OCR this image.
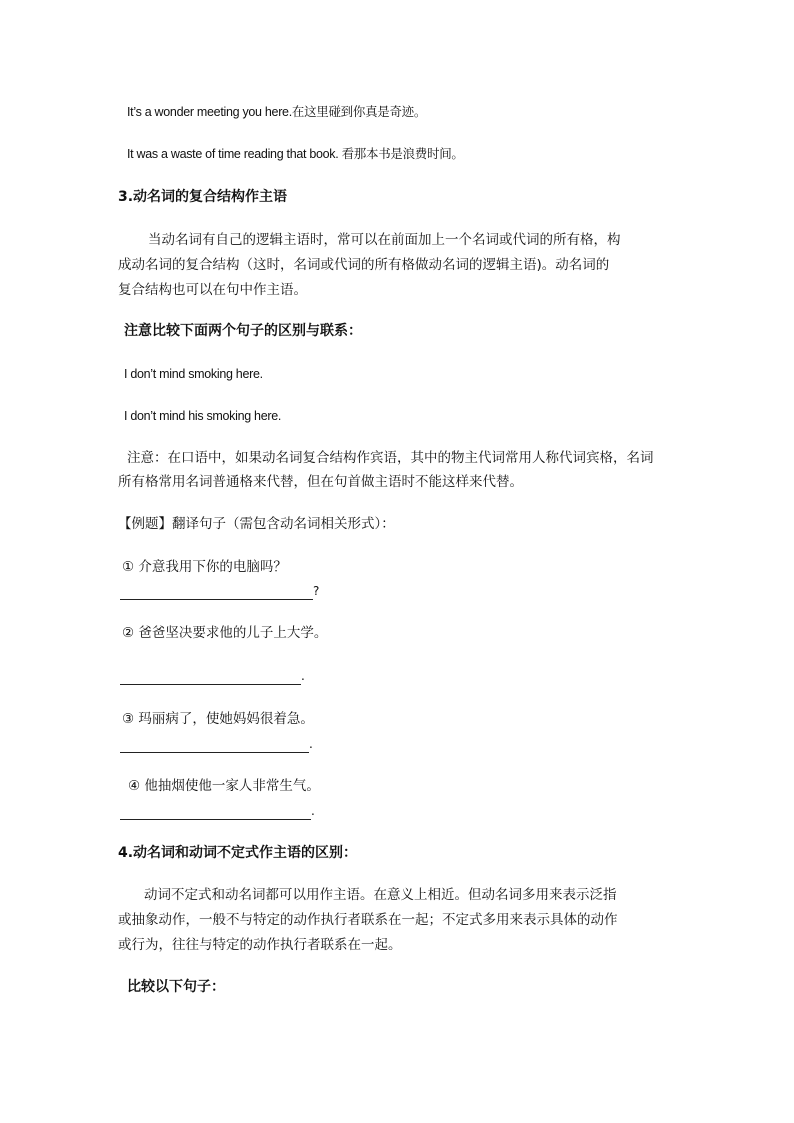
It’s a wonder meeting you here.在这里碰到你真是奇迹。
It was a waste of time reading that book. 看那本书是浪费时间。
3.动名词的复合结构作主语
当动名词有自己的逻辑主语时，常可以在前面加上一个名词或代词的所有格，构
成动名词的复合结构（这时，名词或代词的所有格做动名词的逻辑主语)。动名词的
复合结构也可以在句中作主语。
注意比较下面两个句子的区别与联系：
I don’t mind smoking here.
I don’t mind his smoking here.
注意：在口语中，如果动名词复合结构作宾语，其中的物主代词常用人称代词宾格，名词
所有格常用名词普通格来代替，但在句首做主语时不能这样来代替。
【例题】翻译句子（需包含动名词相关形式）：
① 介意我用下你的电脑吗？
?
② 爸爸坚决要求他的儿子上大学。
.
③ 玛丽病了，使她妈妈很着急。
.
④ 他抽烟使他一家人非常生气。
.
4.动名词和动词不定式作主语的区别：
动词不定式和动名词都可以用作主语。在意义上相近。但动名词多用来表示泛指
或抽象动作，一般不与特定的动作执行者联系在一起；不定式多用来表示具体的动作
或行为，往往与特定的动作执行者联系在一起。
比较以下句子：
